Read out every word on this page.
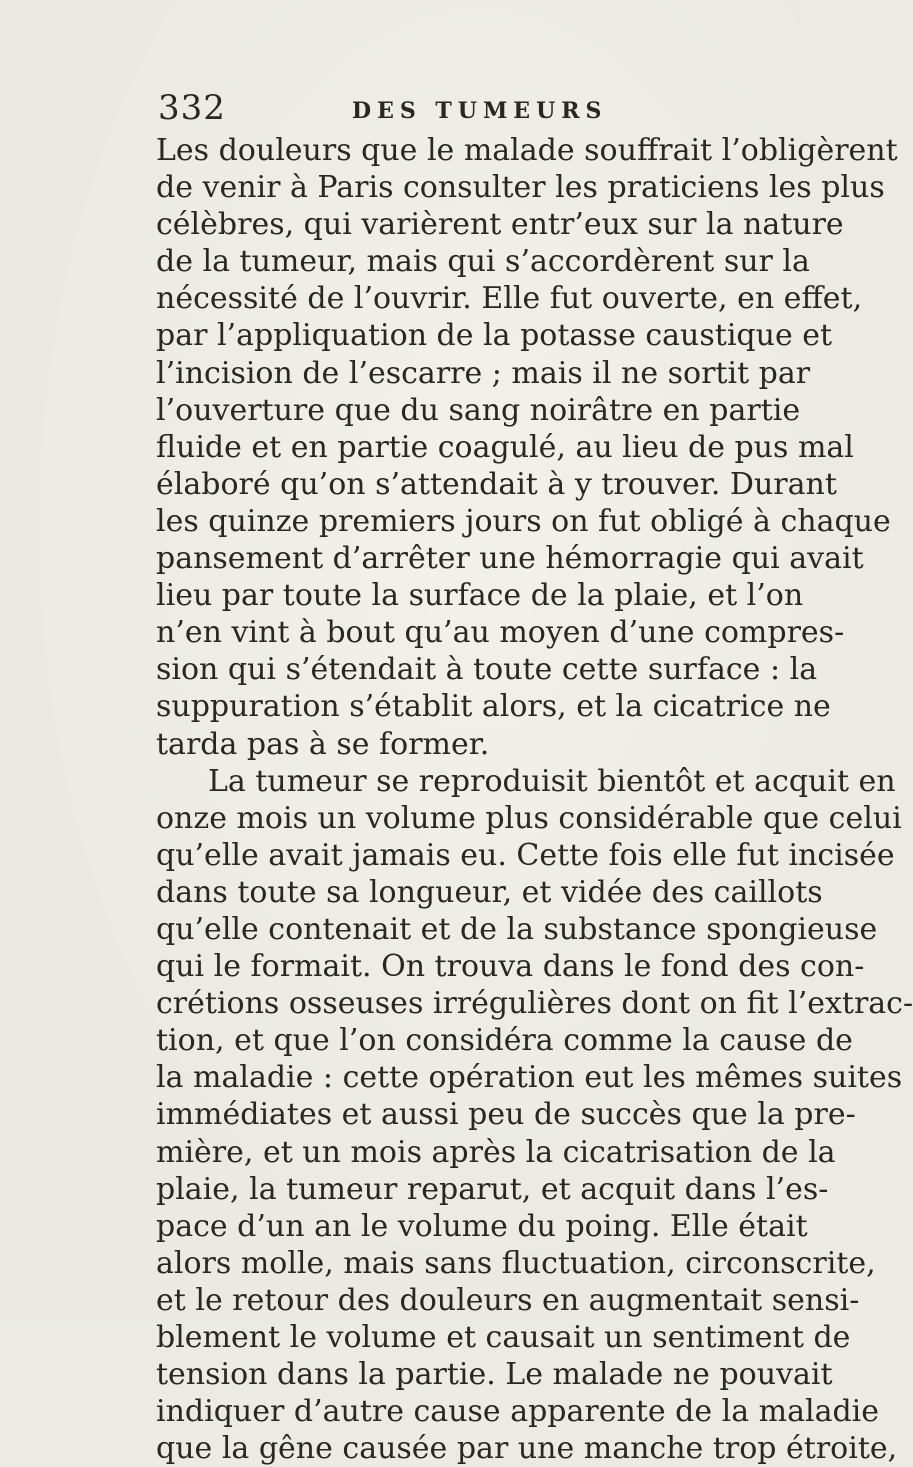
332	DES TUMEURS
Les douleurs que le malade souffrait l’obligèrent
de venir à Paris consulter les praticiens les plus
célèbres, qui varièrent entr’eux sur la nature
de la tumeur, mais qui s’accordèrent sur la
nécessité de l’ouvrir. Elle fut ouverte, en effet,
par l’appliquation de la potasse caustique et
l’incision de l’escarre ; mais il ne sortit par
l’ouverture que du sang noirâtre en partie
fluide et en partie coagulé, au lieu de pus mal
élaboré qu’on s’attendait à y trouver. Durant
les quinze premiers jours on fut obligé à chaque
pansement d’arrêter une hémorragie qui avait
lieu par toute la surface de la plaie, et l’on
n’en vint à bout qu’au moyen d’une compres-
sion qui s’étendait à toute cette surface : la
suppuration s’établit alors, et la cicatrice ne
tarda pas à se former.
La tumeur se reproduisit bientôt et acquit en
onze mois un volume plus considérable que celui
qu’elle avait jamais eu. Cette fois elle fut incisée
dans toute sa longueur, et vidée des caillots
qu’elle contenait et de la substance spongieuse
qui le formait. On trouva dans le fond des con-
crétions osseuses irrégulières dont on fit l’extrac-
tion, et que l’on considéra comme la cause de
la maladie : cette opération eut les mêmes suites
immédiates et aussi peu de succès que la pre-
mière, et un mois après la cicatrisation de la
plaie, la tumeur reparut, et acquit dans l’es-
pace d’un an le volume du poing. Elle était
alors molle, mais sans fluctuation, circonscrite,
et le retour des douleurs en augmentait sensi-
blement le volume et causait un sentiment de
tension dans la partie. Le malade ne pouvait
indiquer d’autre cause apparente de la maladie
que la gêne causée par une manche trop étroite,
